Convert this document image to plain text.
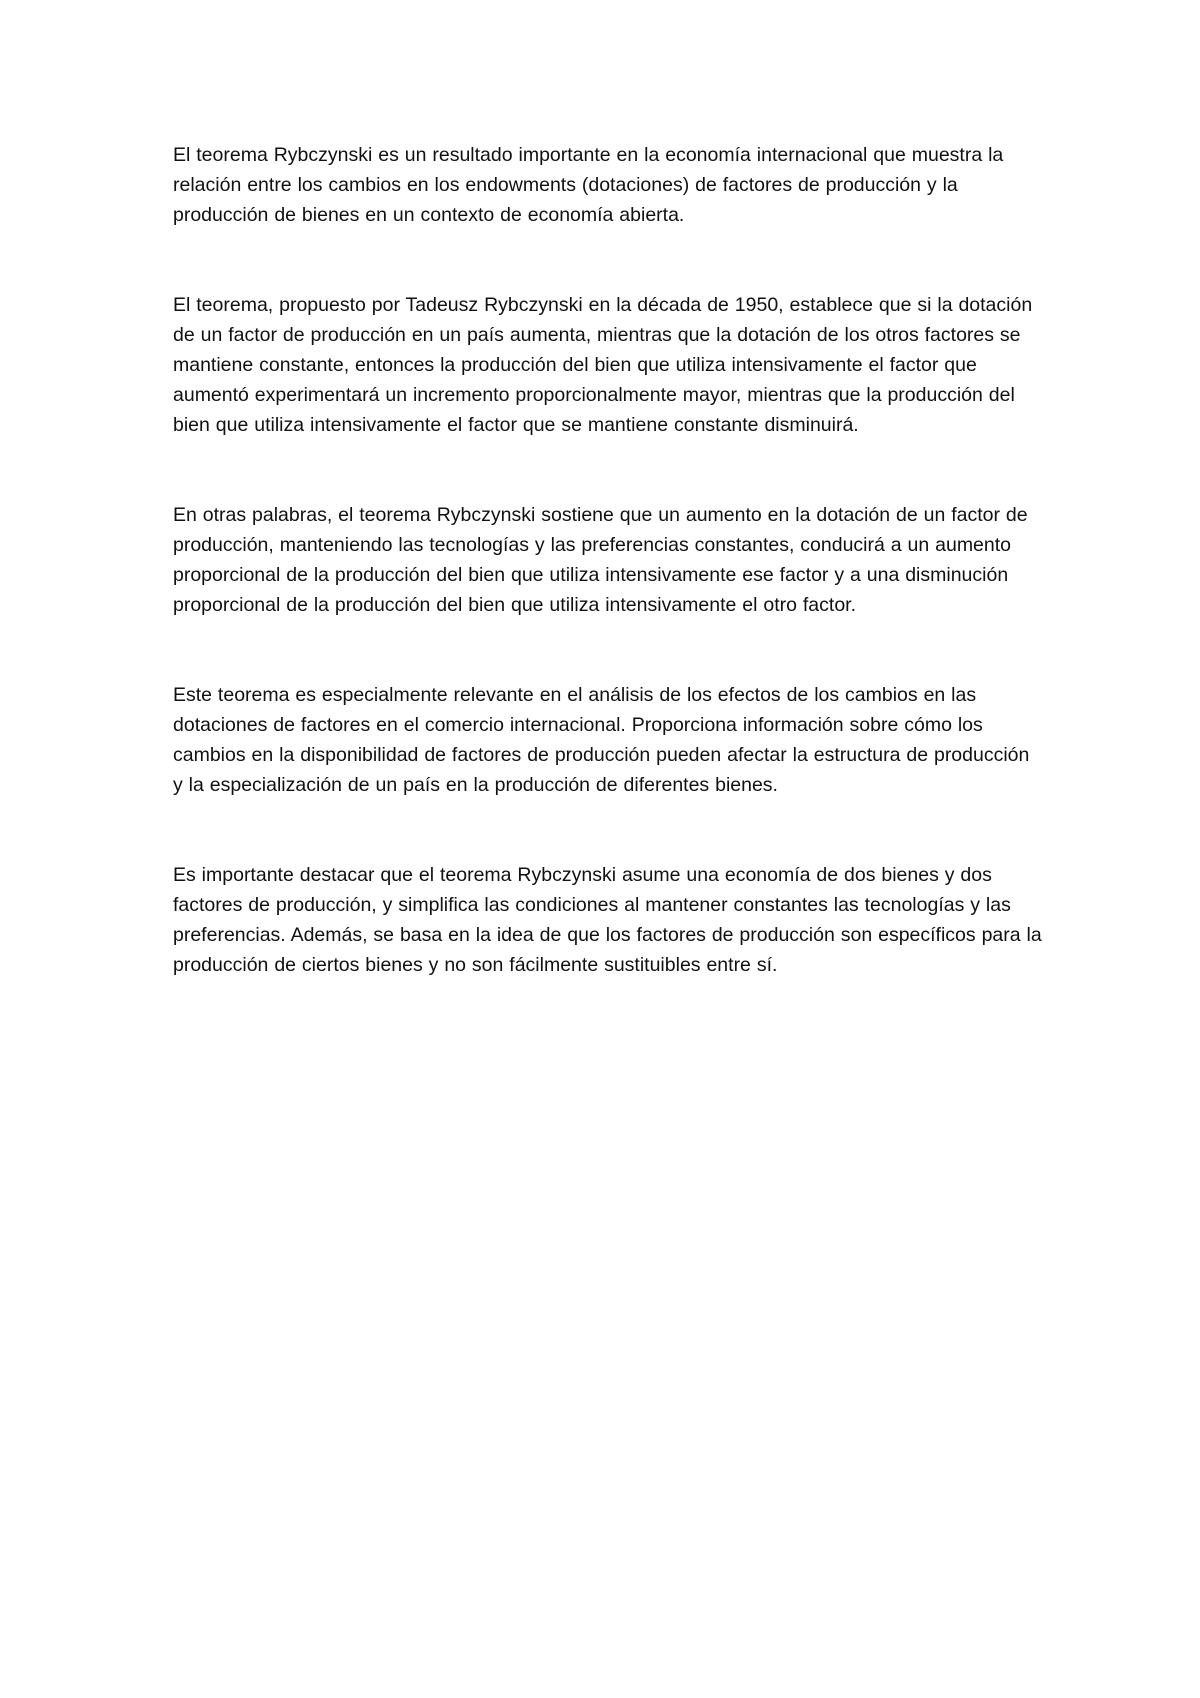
El teorema Rybczynski es un resultado importante en la economía internacional que muestra la relación entre los cambios en los endowments (dotaciones) de factores de producción y la producción de bienes en un contexto de economía abierta.

El teorema, propuesto por Tadeusz Rybczynski en la década de 1950, establece que si la dotación de un factor de producción en un país aumenta, mientras que la dotación de los otros factores se mantiene constante, entonces la producción del bien que utiliza intensivamente el factor que aumentó experimentará un incremento proporcionalmente mayor, mientras que la producción del bien que utiliza intensivamente el factor que se mantiene constante disminuirá.

En otras palabras, el teorema Rybczynski sostiene que un aumento en la dotación de un factor de producción, manteniendo las tecnologías y las preferencias constantes, conducirá a un aumento proporcional de la producción del bien que utiliza intensivamente ese factor y a una disminución proporcional de la producción del bien que utiliza intensivamente el otro factor.

Este teorema es especialmente relevante en el análisis de los efectos de los cambios en las dotaciones de factores en el comercio internacional. Proporciona información sobre cómo los cambios en la disponibilidad de factores de producción pueden afectar la estructura de producción y la especialización de un país en la producción de diferentes bienes.

Es importante destacar que el teorema Rybczynski asume una economía de dos bienes y dos factores de producción, y simplifica las condiciones al mantener constantes las tecnologías y las preferencias. Además, se basa en la idea de que los factores de producción son específicos para la producción de ciertos bienes y no son fácilmente sustituibles entre sí.
